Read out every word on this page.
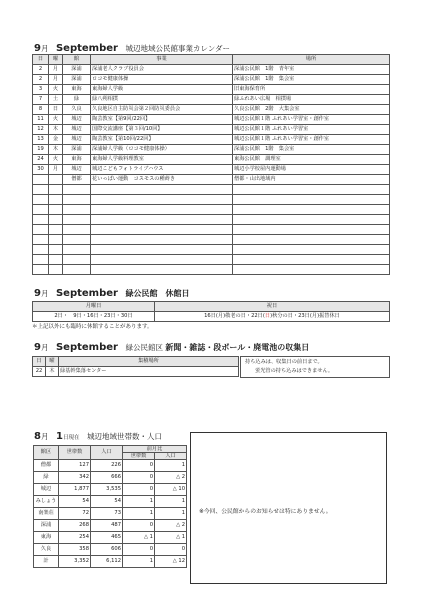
9月　 September　 城辺地域公民館事業カレンダー
日	曜	館	事業	場所
2	月	深浦	深浦老人クラブ役員会	深浦公民館　1階　青年室
2	月	深浦	ロコモ健康体操	深浦公民館　1階　集会室
3	火	東海	東海婦人学級	旧東海保育所
7	土	緑	緑八朔相撲	緑ふれあい広場　相撲場
8	日	久良	久良地区自主防災会第２回防災委員会	久良公民館　2階　大集会室
11	火	城辺	陶芸教室【第9回/22回】	城辺公民館１階 ふれあい学習室・創作室
12	木	城辺	国際交流講座【第３回/10回】	城辺公民館１階 ふれあい学習室
13	金	城辺	陶芸教室【第10回/22回】	城辺公民館１階 ふれあい学習室・創作室
19	木	深浦	深浦婦人学級（ロコモ健康体操）	深浦公民館　1階　集会室
24	火	東海	東海婦人学級料理教室	東海公民館　調理室
30	月	城辺	城辺こどもフォトライブハウス	城辺小学校屋内運動場
		僧都	花いっぱい運動　コスモスの種蒔き	僧都・山出地域内

9月　 September　 緑公民館　休館日
月曜日	祝日
2日・　9日・16日・23日・30日	16日(月)敬老の日・22日(日)秋分の日・23日(月)振替休日
＊上記以外にも臨時に休館することがあります。
9月　 September　 緑公民館区 新聞・雑誌・段ボール・廃電池の収集日
日	曜	集積場所
22	木	緑基幹集落センター
持ち込みは、収集日の前日まで。
蛍光管の持ち込みはできません。
8月　 1日現在　 城辺地域世帯数・人口
館区	世帯数	人口	前月比	
			世帯数	人口
僧都	127	226	0	1
緑	342	666	0	△ 2
城辺	1,877	3,535	0	△ 10
みしょう	54	54	1	1
南楽荘	72	73	1	1
深浦	268	487	0	△ 2
東海	254	465	△ 1	△ 1
久良	358	606	0	0
計	3,352	6,112	1	△ 12
※今回、公民館からのお知らせは特にありません。
